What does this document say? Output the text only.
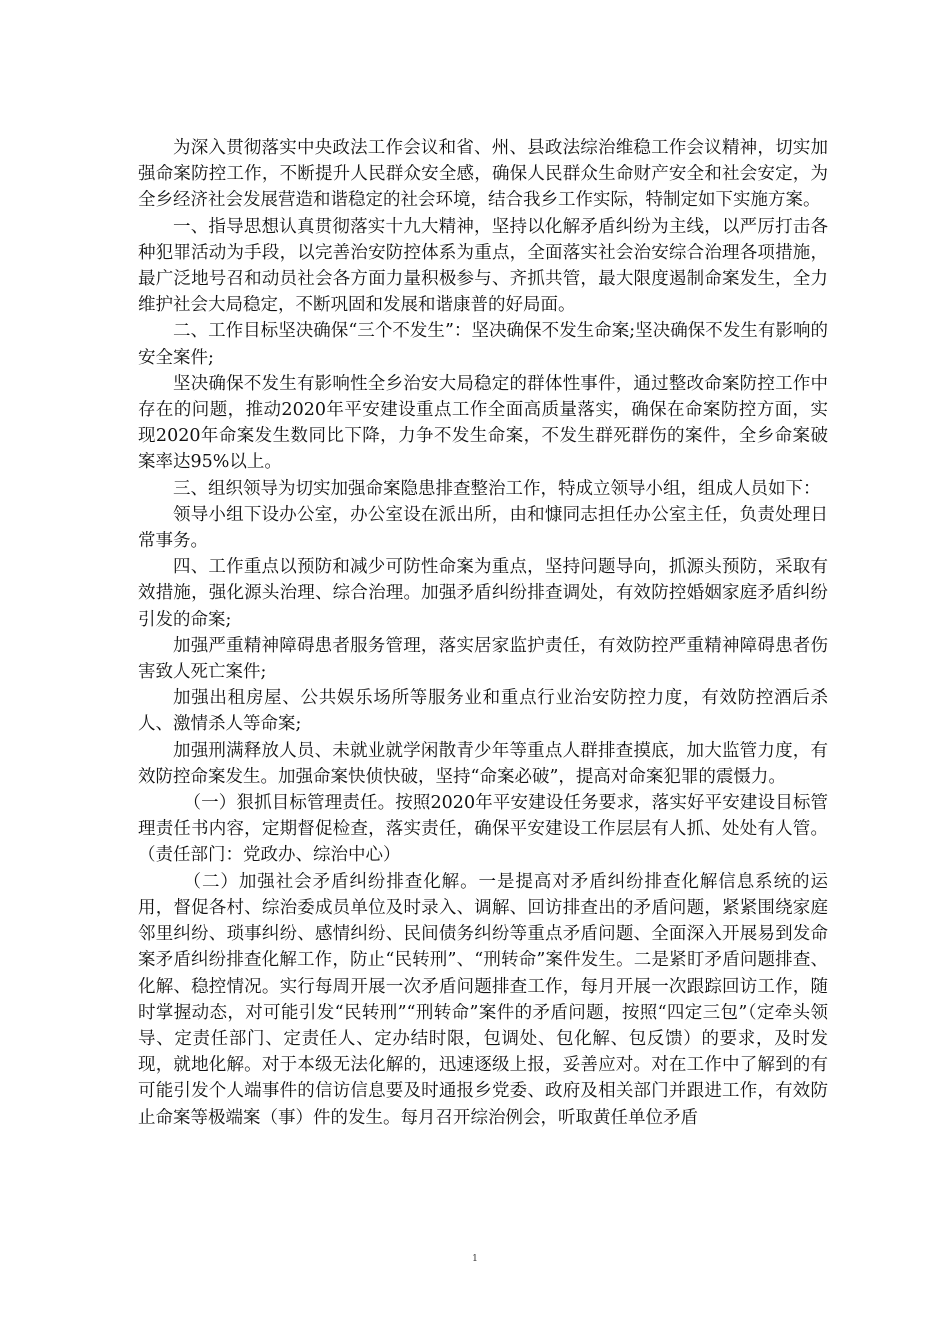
为深入贯彻落实中央政法工作会议和省、州、县政法综治维稳工作会议精神，切实加强命案防控工作，不断提升人民群众安全感，确保人民群众生命财产安全和社会安定，为全乡经济社会发展营造和谐稳定的社会环境，结合我乡工作实际，特制定如下实施方案。

一、指导思想认真贯彻落实十九大精神，坚持以化解矛盾纠纷为主线，以严厉打击各种犯罪活动为手段，以完善治安防控体系为重点，全面落实社会治安综合治理各项措施，最广泛地号召和动员社会各方面力量积极参与、齐抓共管，最大限度遏制命案发生，全力维护社会大局稳定，不断巩固和发展和谐康普的好局面。

二、工作目标坚决确保“三个不发生”：坚决确保不发生命案;坚决确保不发生有影响的安全案件;

坚决确保不发生有影响性全乡治安大局稳定的群体性事件，通过整改命案防控工作中存在的问题，推动2020年平安建设重点工作全面高质量落实，确保在命案防控方面，实现2020年命案发生数同比下降，力争不发生命案，不发生群死群伤的案件，全乡命案破案率达95%以上。

三、组织领导为切实加强命案隐患排查整治工作，特成立领导小组，组成人员如下：

领导小组下设办公室，办公室设在派出所，由和慷同志担任办公室主任，负责处理日常事务。

四、工作重点以预防和减少可防性命案为重点，坚持问题导向，抓源头预防，采取有效措施，强化源头治理、综合治理。加强矛盾纠纷排查调处，有效防控婚姻家庭矛盾纠纷引发的命案;

加强严重精神障碍患者服务管理，落实居家监护责任，有效防控严重精神障碍患者伤害致人死亡案件;

加强出租房屋、公共娱乐场所等服务业和重点行业治安防控力度，有效防控酒后杀人、激情杀人等命案;

加强刑满释放人员、未就业就学闲散青少年等重点人群排查摸底，加大监管力度，有效防控命案发生。加强命案快侦快破，坚持“命案必破”，提高对命案犯罪的震慑力。

（一）狠抓目标管理责任。按照2020年平安建设任务要求，落实好平安建设目标管理责任书内容，定期督促检查，落实责任，确保平安建设工作层层有人抓、处处有人管。（责任部门：党政办、综治中心）

（二）加强社会矛盾纠纷排查化解。一是提高对矛盾纠纷排查化解信息系统的运用，督促各村、综治委成员单位及时录入、调解、回访排查出的矛盾问题，紧紧围绕家庭邻里纠纷、琐事纠纷、感情纠纷、民间债务纠纷等重点矛盾问题、全面深入开展易到发命案矛盾纠纷排查化解工作，防止“民转刑”、“刑转命”案件发生。二是紧盯矛盾问题排查、化解、稳控情况。实行每周开展一次矛盾问题排查工作，每月开展一次跟踪回访工作，随时掌握动态，对可能引发“民转刑”“刑转命”案件的矛盾问题，按照“四定三包”（定牵头领导、定责任部门、定责任人、定办结时限，包调处、包化解、包反馈）的要求，及时发现，就地化解。对于本级无法化解的，迅速逐级上报，妥善应对。对在工作中了解到的有可能引发个人端事件的信访信息要及时通报乡党委、政府及相关部门并跟进工作，有效防止命案等极端案（事）件的发生。每月召开综治例会，听取黄任单位矛盾

1
